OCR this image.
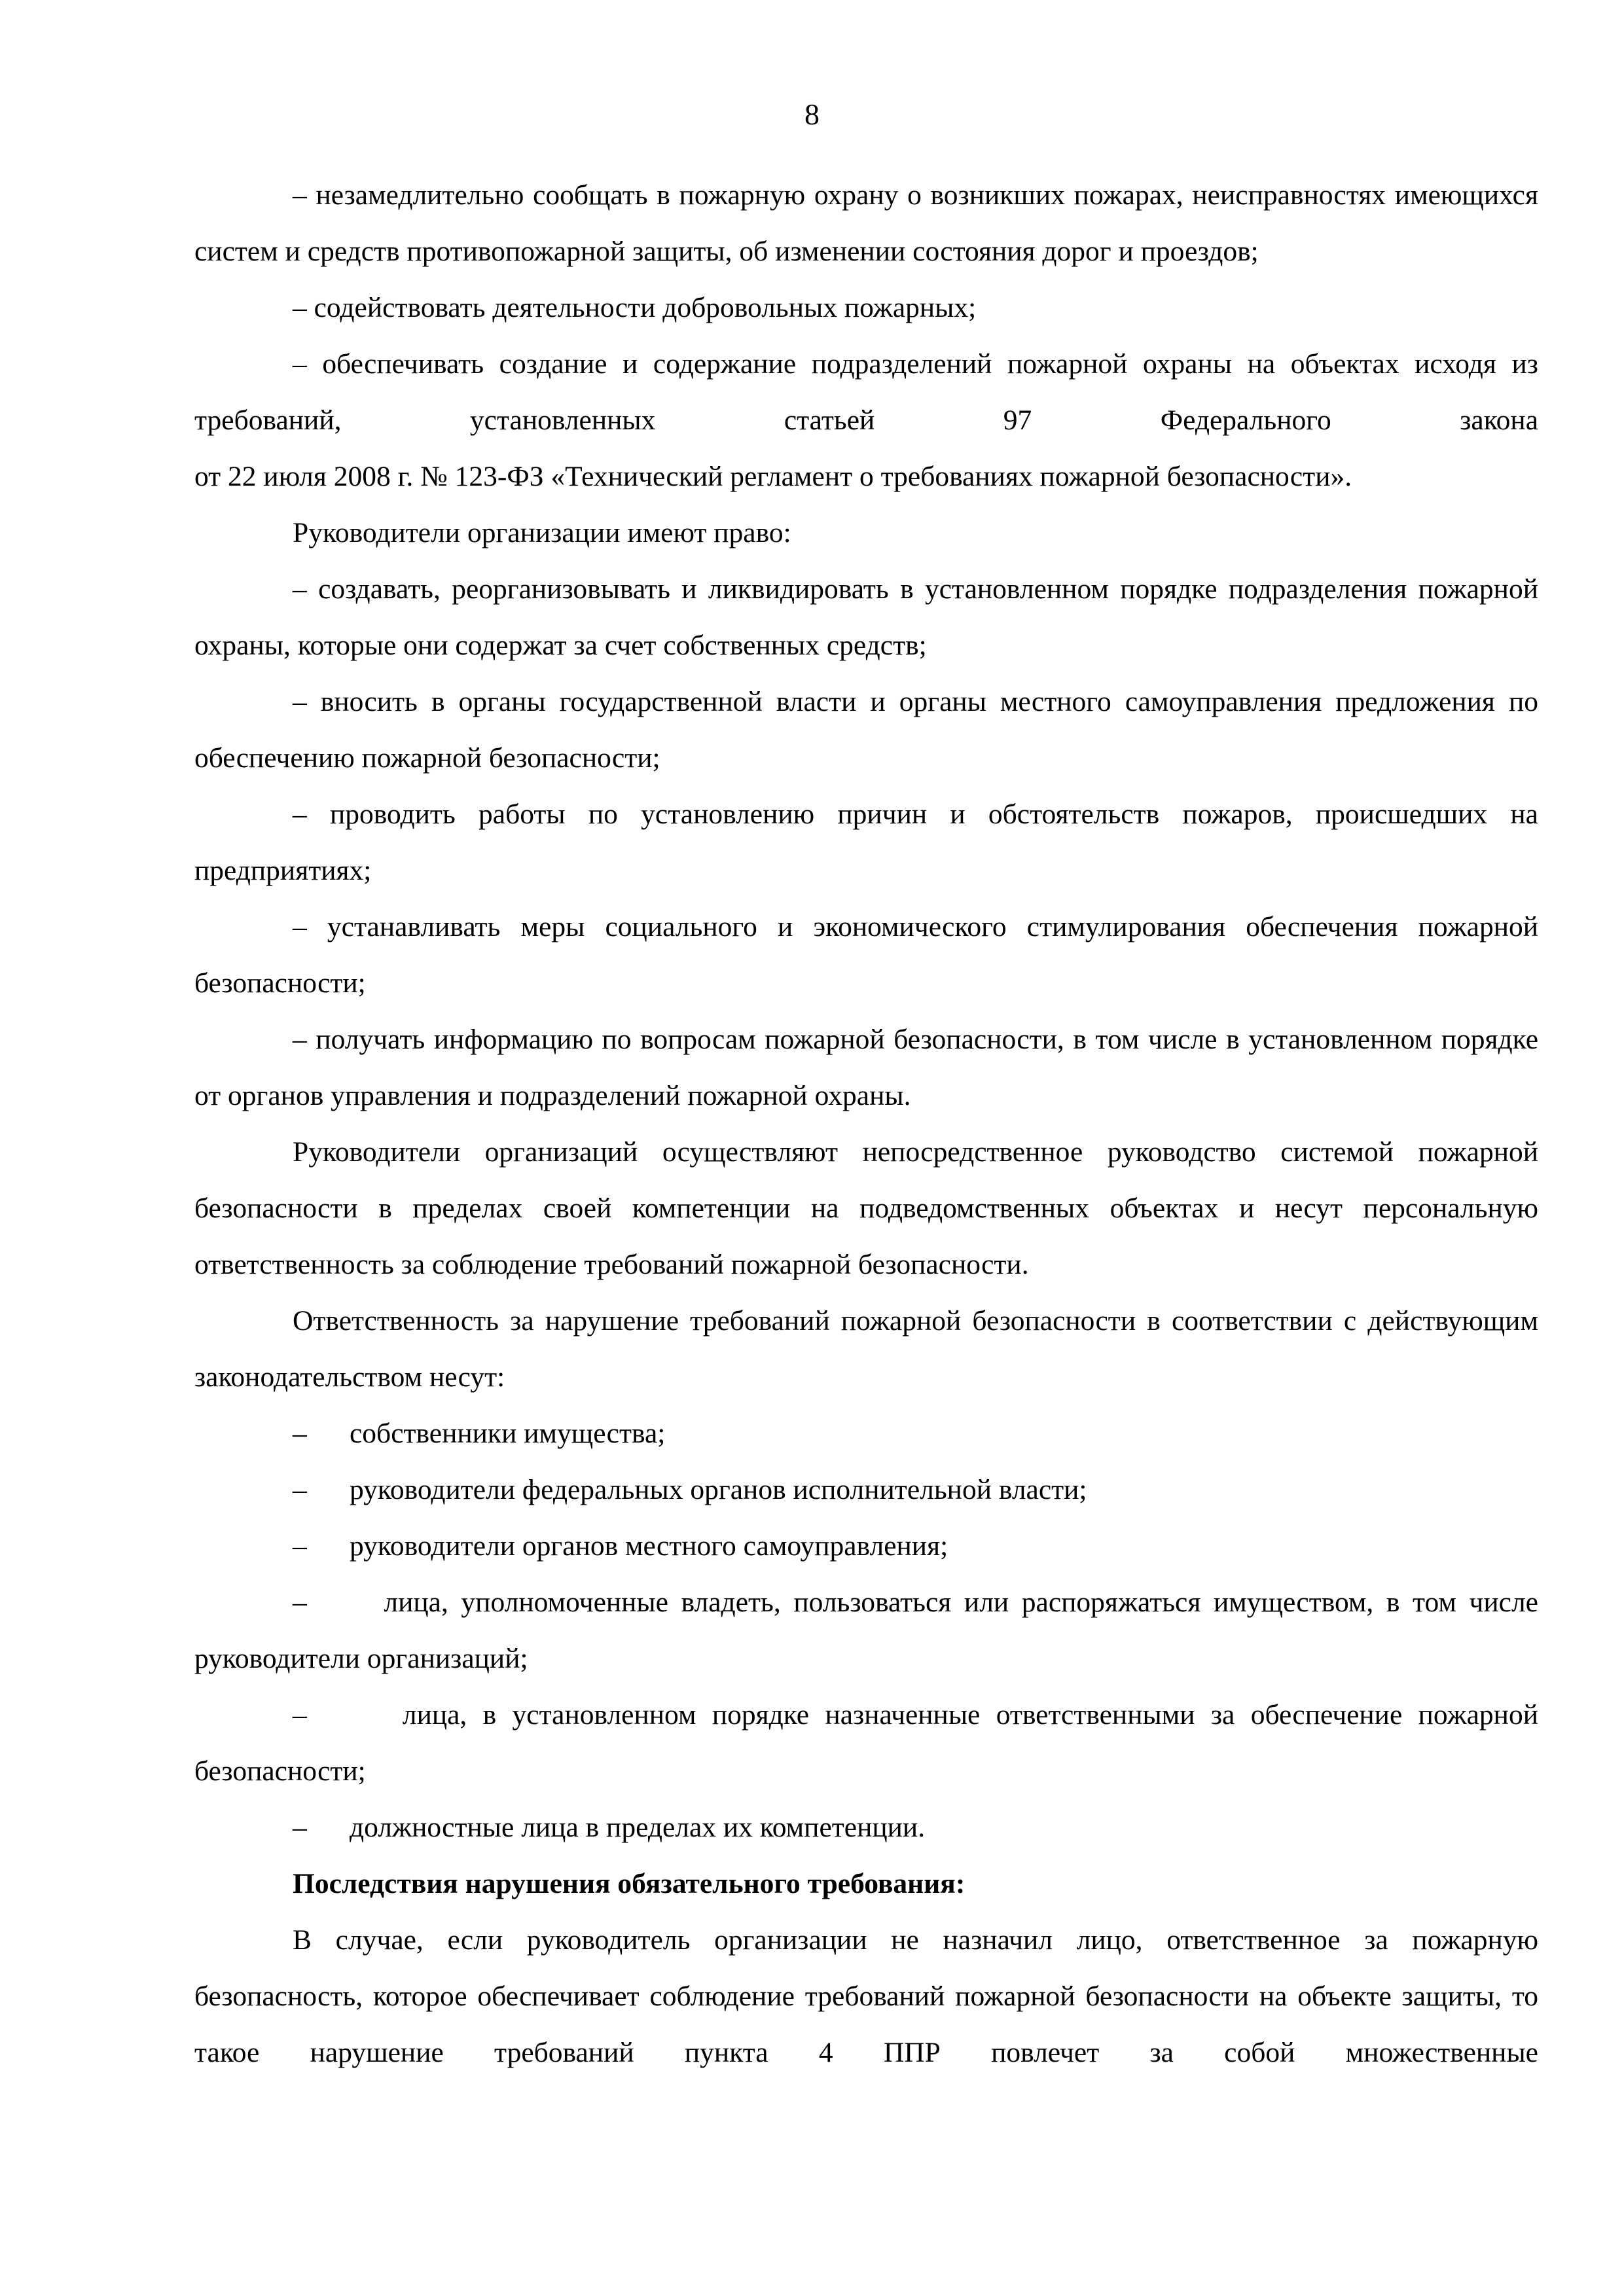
8
– незамедлительно сообщать в пожарную охрану о возникших пожарах, неисправностях имеющихся систем и средств противопожарной защиты, об изменении состояния дорог и проездов;
– содействовать деятельности добровольных пожарных;
– обеспечивать создание и содержание подразделений пожарной охраны на объектах исходя из требований, установленных статьей 97 Федерального закона
от 22 июля 2008 г. № 123-ФЗ «Технический регламент о требованиях пожарной безопасности».
Руководители организации имеют право:
– создавать, реорганизовывать и ликвидировать в установленном порядке подразделения пожарной охраны, которые они содержат за счет собственных средств;
– вносить в органы государственной власти и органы местного самоуправления предложения по обеспечению пожарной безопасности;
– проводить работы по установлению причин и обстоятельств пожаров, происшедших на предприятиях;
– устанавливать меры социального и экономического стимулирования обеспечения пожарной безопасности;
– получать информацию по вопросам пожарной безопасности, в том числе в установленном порядке от органов управления и подразделений пожарной охраны.
Руководители организаций осуществляют непосредственное руководство системой пожарной безопасности в пределах своей компетенции на подведомственных объектах и несут персональную ответственность за соблюдение требований пожарной безопасности.
Ответственность за нарушение требований пожарной безопасности в соответствии с действующим законодательством несут:
– собственники имущества;
– руководители федеральных органов исполнительной власти;
– руководители органов местного самоуправления;
–	лица, уполномоченные владеть, пользоваться или распоряжаться имуществом, в том числе руководители организаций;
–	лица, в установленном порядке назначенные ответственными за обеспечение пожарной безопасности;
– должностные лица в пределах их компетенции.
Последствия нарушения обязательного требования:
В случае, если руководитель организации не назначил лицо, ответственное за пожарную безопасность, которое обеспечивает соблюдение требований пожарной безопасности на объекте защиты, то такое нарушение требований пункта 4 ППР повлечет за собой множественные
